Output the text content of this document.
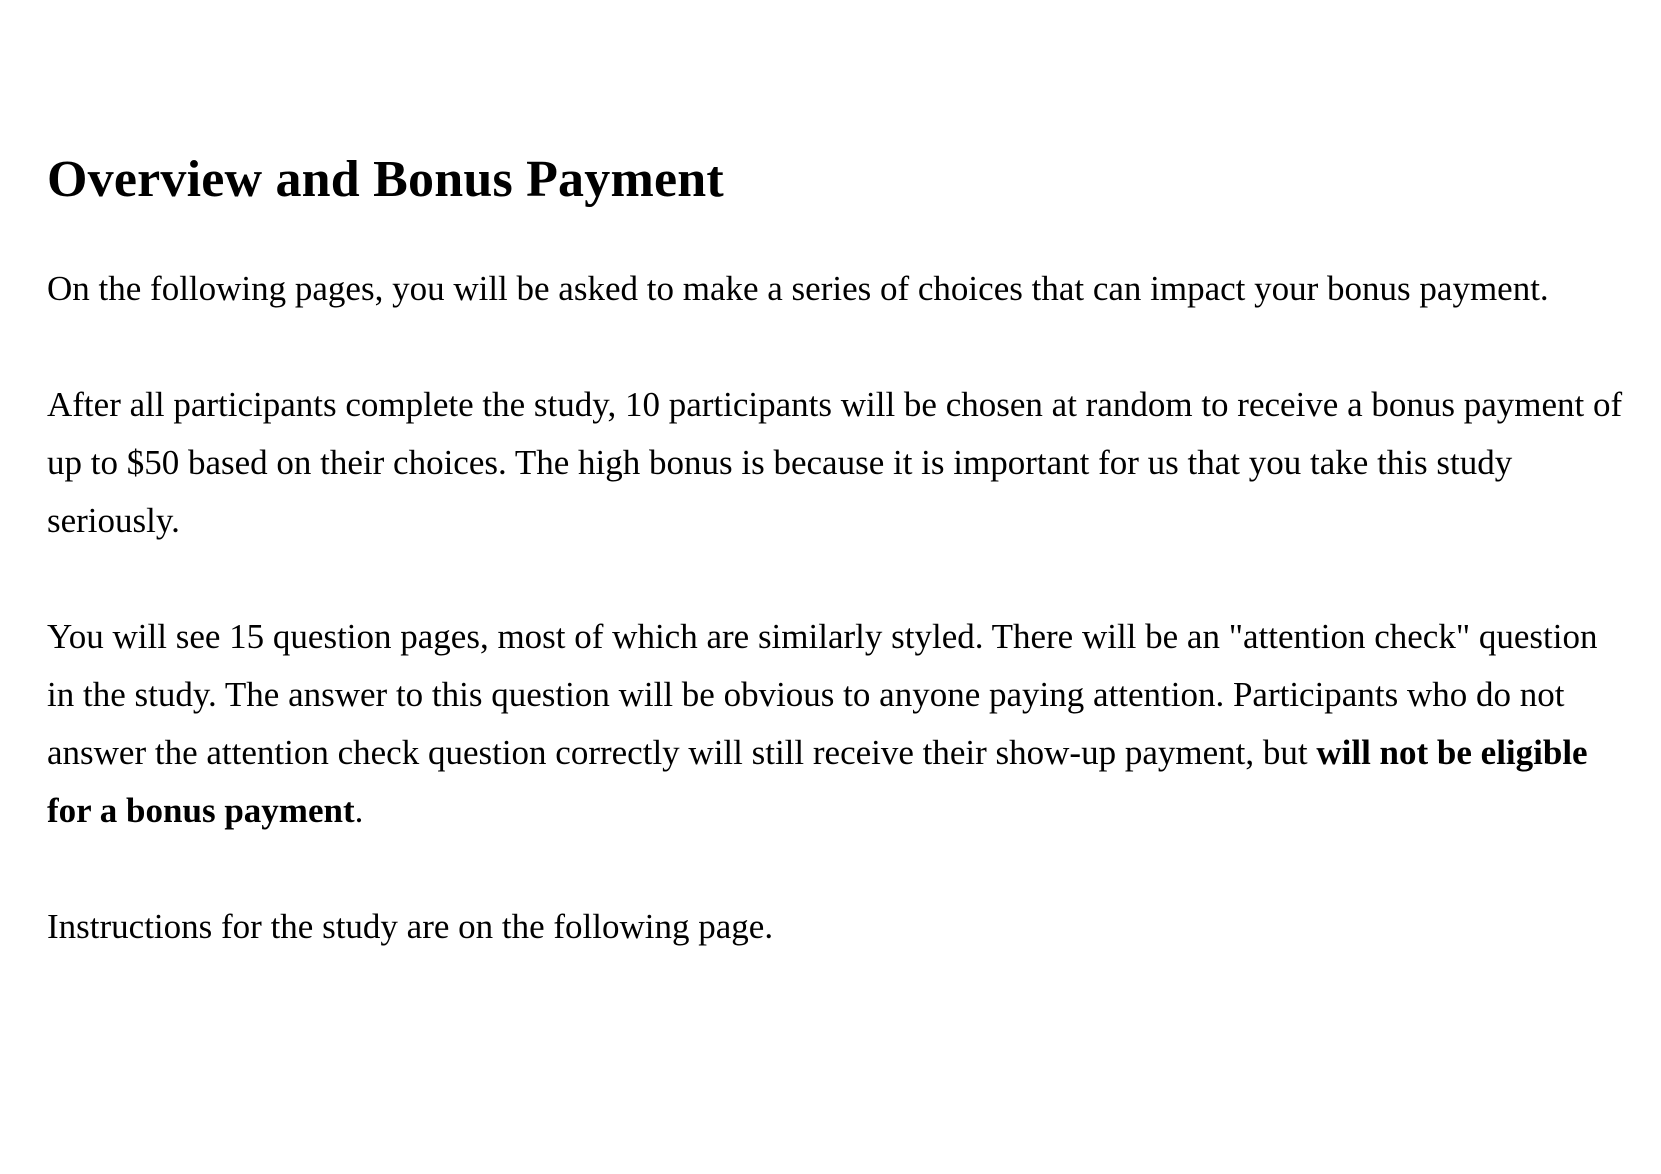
Overview and Bonus Payment

On the following pages, you will be asked to make a series of choices that can impact your bonus payment.

After all participants complete the study, 10 participants will be chosen at random to receive a bonus payment of up to $50 based on their choices. The high bonus is because it is important for us that you take this study seriously.

You will see 15 question pages, most of which are similarly styled. There will be an "attention check" question in the study. The answer to this question will be obvious to anyone paying attention. Participants who do not answer the attention check question correctly will still receive their show-up payment, but will not be eligible for a bonus payment.

Instructions for the study are on the following page.
